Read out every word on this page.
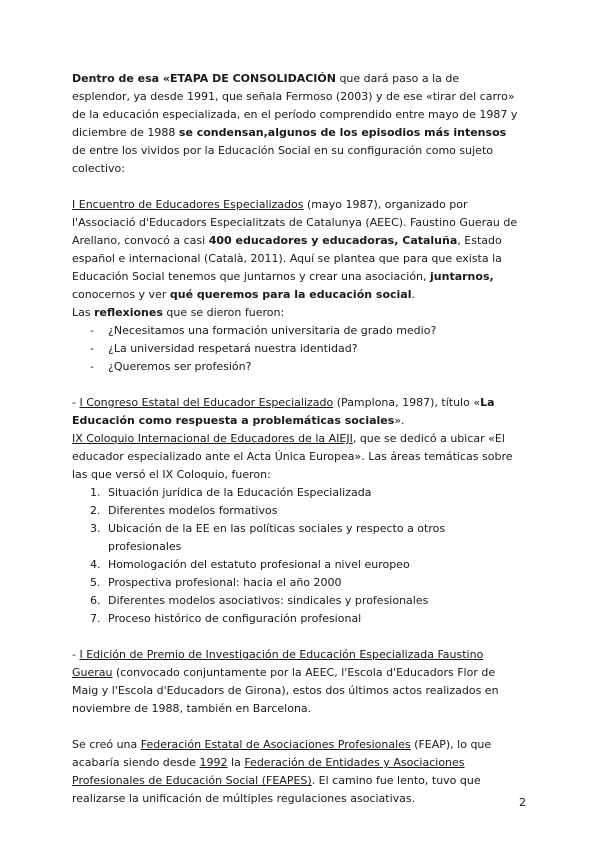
Dentro de esa «ETAPA DE CONSOLIDACIÓN que dará paso a la de esplendor, ya desde 1991, que señala Fermoso (2003) y de ese «tirar del carro» de la educación especializada, en el período comprendido entre mayo de 1987 y diciembre de 1988 se condensan,algunos de los episodios más intensos de entre los vividos por la Educación Social en su configuración como sujeto colectivo:

I Encuentro de Educadores Especializados (mayo 1987), organizado por l'Associació d'Educadors Especialitzats de Catalunya (AEEC). Faustino Guerau de Arellano, convocó a casi 400 educadores y educadoras, Cataluña, Estado español e internacional (Català, 2011). Aquí se plantea que para que exista la Educación Social tenemos que juntarnos y crear una asociación, juntarnos, conocernos y ver qué queremos para la educación social.

Las reflexiones que se dieron fueron:

- ¿Necesitamos una formación universitaria de grado medio?
- ¿La universidad respetará nuestra identidad?
- ¿Queremos ser profesión?

- I Congreso Estatal del Educador Especializado (Pamplona, 1987), título «La Educación como respuesta a problemáticas sociales».

IX Coloquio Internacional de Educadores de la AIEJI, que se dedicó a ubicar «El educador especializado ante el Acta Única Europea». Las áreas temáticas sobre las que versó el IX Coloquio, fueron:

1. Situación jurídica de la Educación Especializada
2. Diferentes modelos formativos
3. Ubicación de la EE en las políticas sociales y respecto a otros profesionales
4. Homologación del estatuto profesional a nivel europeo
5. Prospectiva profesional: hacia el año 2000
6. Diferentes modelos asociativos: sindicales y profesionales
7. Proceso histórico de configuración profesional

- I Edición de Premio de Investigación de Educación Especializada Faustino Guerau (convocado conjuntamente por la AEEC, l'Escola d'Educadors Flor de Maig y l'Escola d'Educadors de Girona), estos dos últimos actos realizados en noviembre de 1988, también en Barcelona.

Se creó una Federación Estatal de Asociaciones Profesionales (FEAP), lo que acabaría siendo desde 1992 la Federación de Entidades y Asociaciones Profesionales de Educación Social (FEAPES). El camino fue lento, tuvo que realizarse la unificación de múltiples regulaciones asociativas.	2
